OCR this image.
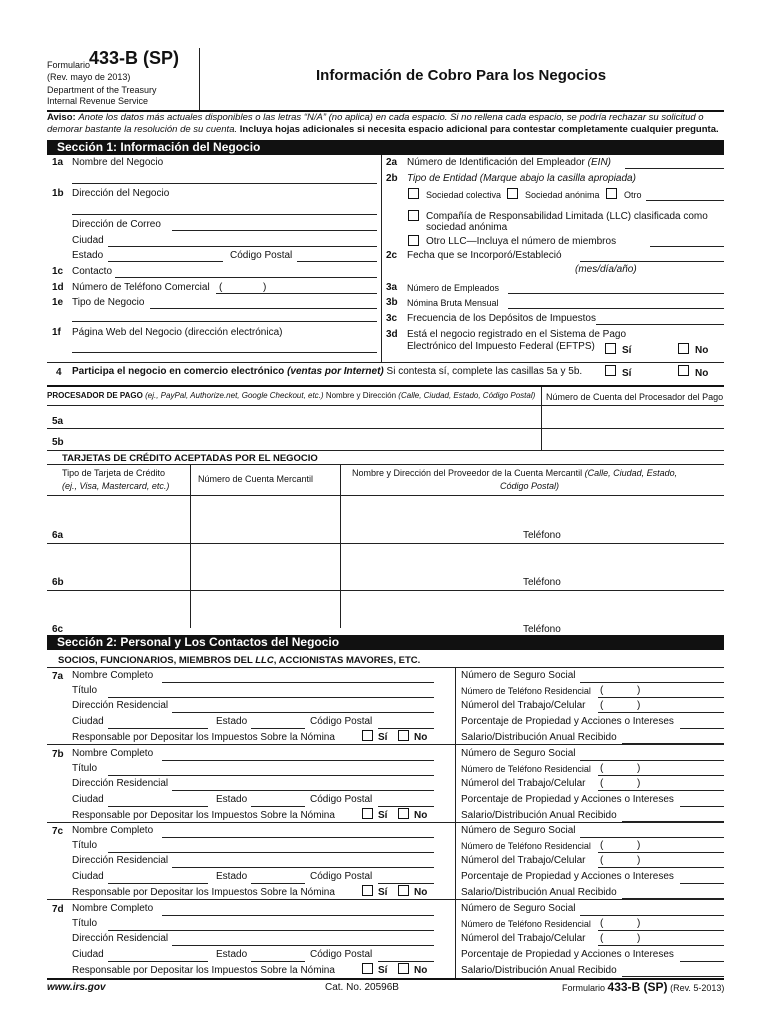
Formulario
433-B (SP)
(Rev. mayo de 2013)
Department of the Treasury
Internal Revenue Service
Información de Cobro Para los Negocios
Aviso: Anote los datos más actuales disponibles o las letras “N/A” (no aplica) en cada espacio. Si no rellena cada espacio, se podría rechazar su solicitud o
demorar bastante la resolución de su cuenta. Incluya hojas adicionales si necesita espacio adicional para contestar completamente cualquier pregunta.
Sección 1: Información del Negocio
1a Nombre del Negocio
1b Dirección del Negocio
Dirección de Correo
Ciudad
Estado	Código Postal
1c Contacto
1d Número de Teléfono Comercial (	)
1e Tipo de Negocio
1f Página Web del Negocio (dirección electrónica)
2a Número de Identificación del Empleador (EIN)
2b Tipo de Entidad (Marque abajo la casilla apropiada)
Sociedad colectiva	Sociedad anónima	Otro
Compañía de Responsabilidad Limitada (LLC) clasificada como
sociedad anónima
Otro LLC—Incluya el número de miembros
2c Fecha que se Incorporó/Estableció
(mes/día/año)
3a Número de Empleados
3b Nómina Bruta Mensual
3c Frecuencia de los Depósitos de Impuestos
3d Está el negocio registrado en el Sistema de Pago
Electrónico del Impuesto Federal (EFTPS)	Sí	No
4 Participa el negocio en comercio electrónico (ventas por Internet) Si contesta sí, complete las casillas 5a y 5b.	Sí	No
PROCESADOR DE PAGO (ej., PayPal, Authorize.net, Google Checkout, etc.) Nombre y Dirección (Calle, Ciudad, Estado, Código Postal) Número de Cuenta del Procesador del Pago
5a
5b
TARJETAS DE CRÉDITO ACEPTADAS POR EL NEGOCIO
Tipo de Tarjeta de Crédito
(ej., Visa, Mastercard, etc.)
Número de Cuenta Mercantil
Nombre y Dirección del Proveedor de la Cuenta Mercantil (Calle, Ciudad, Estado,
Código Postal)
6a	Teléfono
6b	Teléfono
6c	Teléfono
Sección 2: Personal y Los Contactos del Negocio
SOCIOS, FUNCIONARIOS, MIEMBROS DEL LLC, ACCIONISTAS MAVORES, ETC.
7a Nombre Completo
Título
Dirección Residencial
Ciudad	Estado	Código Postal
Responsable por Depositar los Impuestos Sobre la Nómina	Sí	No
Número de Seguro Social
Número de Teléfono Residencial (	)
Númerol del Trabajo/Celular (	)
Porcentaje de Propiedad y Acciones o Intereses
Salario/Distribución Anual Recibido
7b Nombre Completo
Título
Dirección Residencial
Ciudad	Estado	Código Postal
Responsable por Depositar los Impuestos Sobre la Nómina	Sí	No
Número de Seguro Social
Número de Teléfono Residencial (	)
Númerol del Trabajo/Celular (	)
Porcentaje de Propiedad y Acciones o Intereses
Salario/Distribución Anual Recibido
7c Nombre Completo
Título
Dirección Residencial
Ciudad	Estado	Código Postal
Responsable por Depositar los Impuestos Sobre la Nómina	Sí	No
Número de Seguro Social
Número de Teléfono Residencial (	)
Númerol del Trabajo/Celular (	)
Porcentaje de Propiedad y Acciones o Intereses
Salario/Distribución Anual Recibido
7d Nombre Completo
Título
Dirección Residencial
Ciudad	Estado	Código Postal
Responsable por Depositar los Impuestos Sobre la Nómina	Sí	No
Número de Seguro Social
Número de Teléfono Residencial (	)
Númerol del Trabajo/Celular (	)
Porcentaje de Propiedad y Acciones o Intereses
Salario/Distribución Anual Recibido
www.irs.gov	Cat. No. 20596B	Formulario 433-B (SP) (Rev. 5-2013)
